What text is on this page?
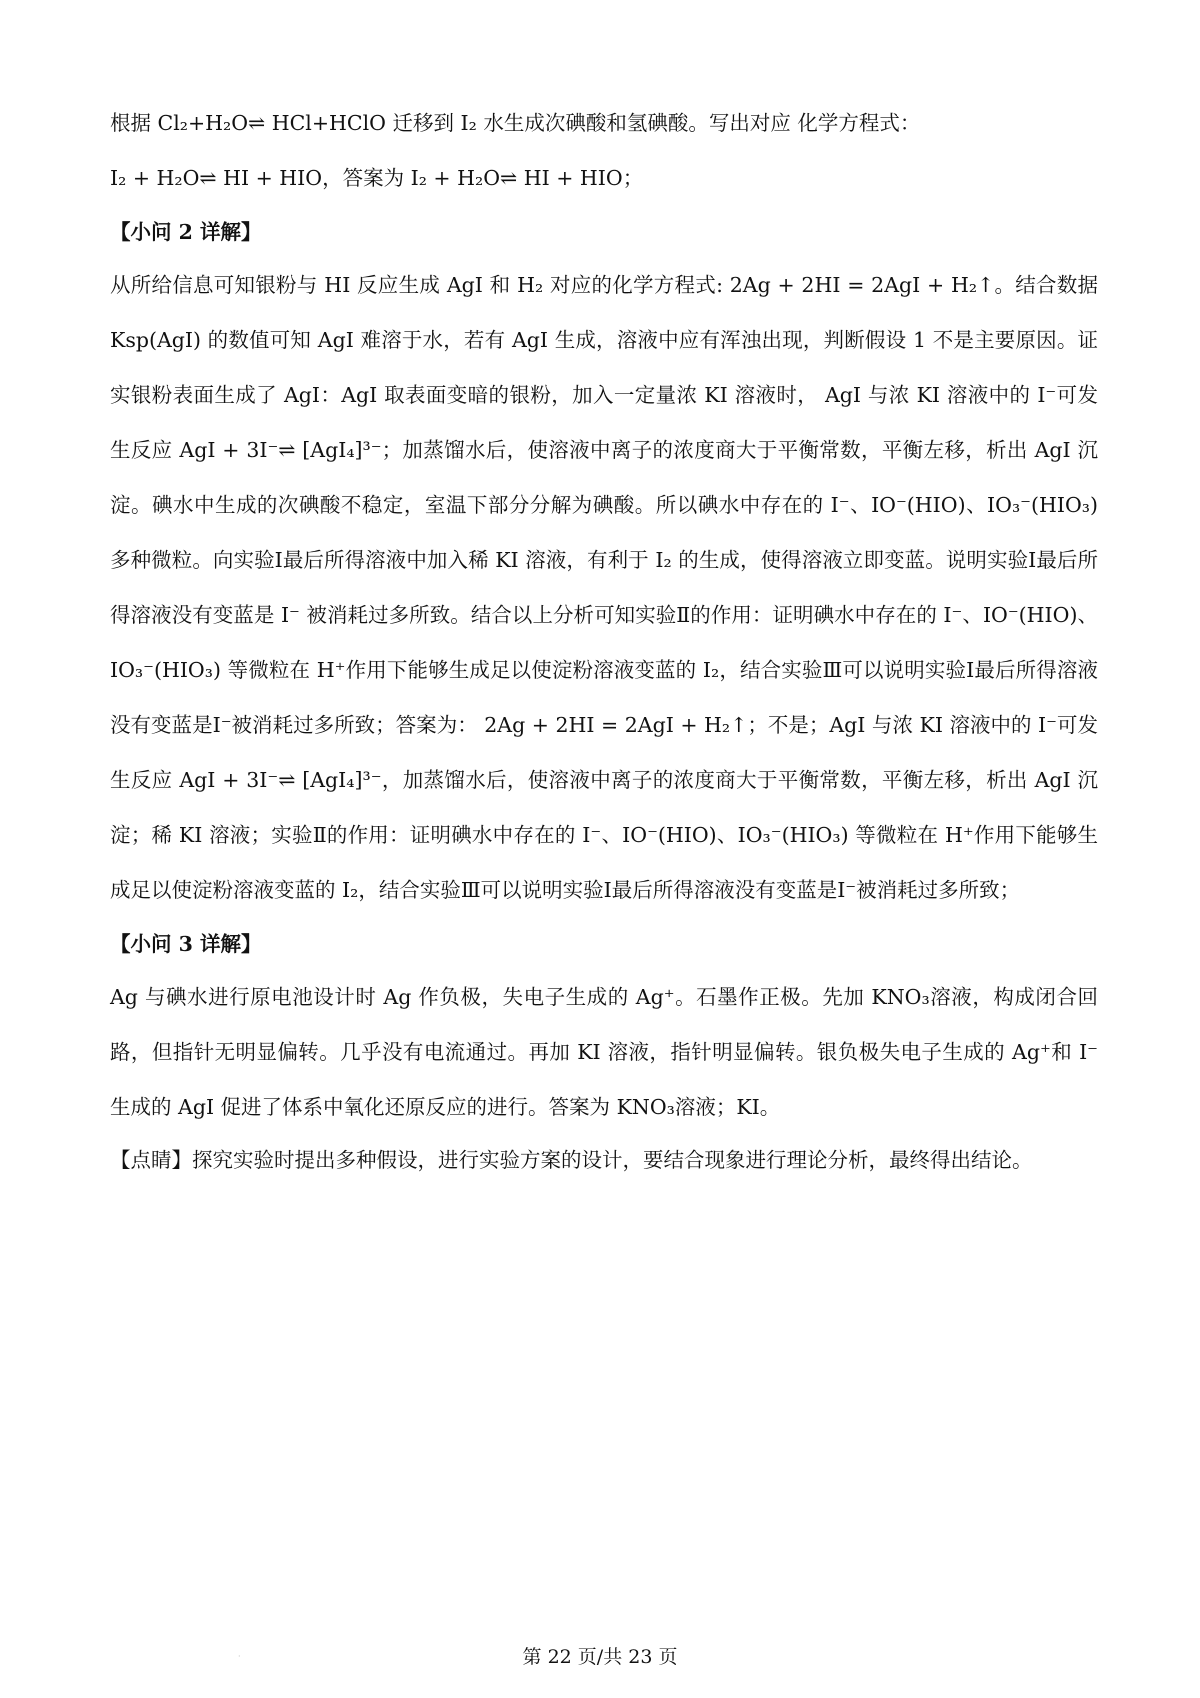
根据 Cl₂+H₂O⇌ HCl+HClO 迁移到 I₂ 水生成次碘酸和氢碘酸。写出对应 化学方程式：

I₂ + H₂O⇌ HI + HIO，答案为 I₂ + H₂O⇌ HI + HIO；

【小问 2 详解】

从所给信息可知银粉与 HI 反应生成 AgI 和 H₂ 对应的化学方程式: 2Ag + 2HI = 2AgI + H₂↑。结合数据 Ksp(AgI) 的数值可知 AgI 难溶于水，若有 AgI 生成，溶液中应有浑浊出现，判断假设 1 不是主要原因。证实银粉表面生成了 AgI：AgI 取表面变暗的银粉，加入一定量浓 KI 溶液时， AgI 与浓 KI 溶液中的 I⁻可发生反应 AgI + 3I⁻⇌ [AgI₄]³⁻；加蒸馏水后，使溶液中离子的浓度商大于平衡常数，平衡左移，析出 AgI 沉淀。碘水中生成的次碘酸不稳定，室温下部分分解为碘酸。所以碘水中存在的 I⁻、IO⁻(HIO)、IO₃⁻(HIO₃) 多种微粒。向实验Ⅰ最后所得溶液中加入稀 KI 溶液，有利于 I₂ 的生成，使得溶液立即变蓝。说明实验Ⅰ最后所得溶液没有变蓝是 I⁻ 被消耗过多所致。结合以上分析可知实验Ⅱ的作用：证明碘水中存在的 I⁻、IO⁻(HIO)、IO₃⁻(HIO₃) 等微粒在 H⁺作用下能够生成足以使淀粉溶液变蓝的 I₂，结合实验Ⅲ可以说明实验Ⅰ最后所得溶液没有变蓝是Ⅰ⁻被消耗过多所致；答案为： 2Ag + 2HI = 2AgI + H₂↑；不是；AgI 与浓 KI 溶液中的 I⁻可发生反应 AgI + 3I⁻⇌ [AgI₄]³⁻，加蒸馏水后，使溶液中离子的浓度商大于平衡常数，平衡左移，析出 AgI 沉淀；稀 KI 溶液；实验Ⅱ的作用：证明碘水中存在的 I⁻、IO⁻(HIO)、IO₃⁻(HIO₃) 等微粒在 H⁺作用下能够生成足以使淀粉溶液变蓝的 I₂，结合实验Ⅲ可以说明实验Ⅰ最后所得溶液没有变蓝是Ⅰ⁻被消耗过多所致；

【小问 3 详解】

Ag 与碘水进行原电池设计时 Ag 作负极，失电子生成的 Ag⁺。石墨作正极。先加 KNO₃溶液，构成闭合回路，但指针无明显偏转。几乎没有电流通过。再加 KI 溶液，指针明显偏转。银负极失电子生成的 Ag⁺和 I⁻生成的 AgI 促进了体系中氧化还原反应的进行。答案为 KNO₃溶液；KI。

【点睛】探究实验时提出多种假设，进行实验方案的设计，要结合现象进行理论分析，最终得出结论。

·	第 22 页/共 23 页
